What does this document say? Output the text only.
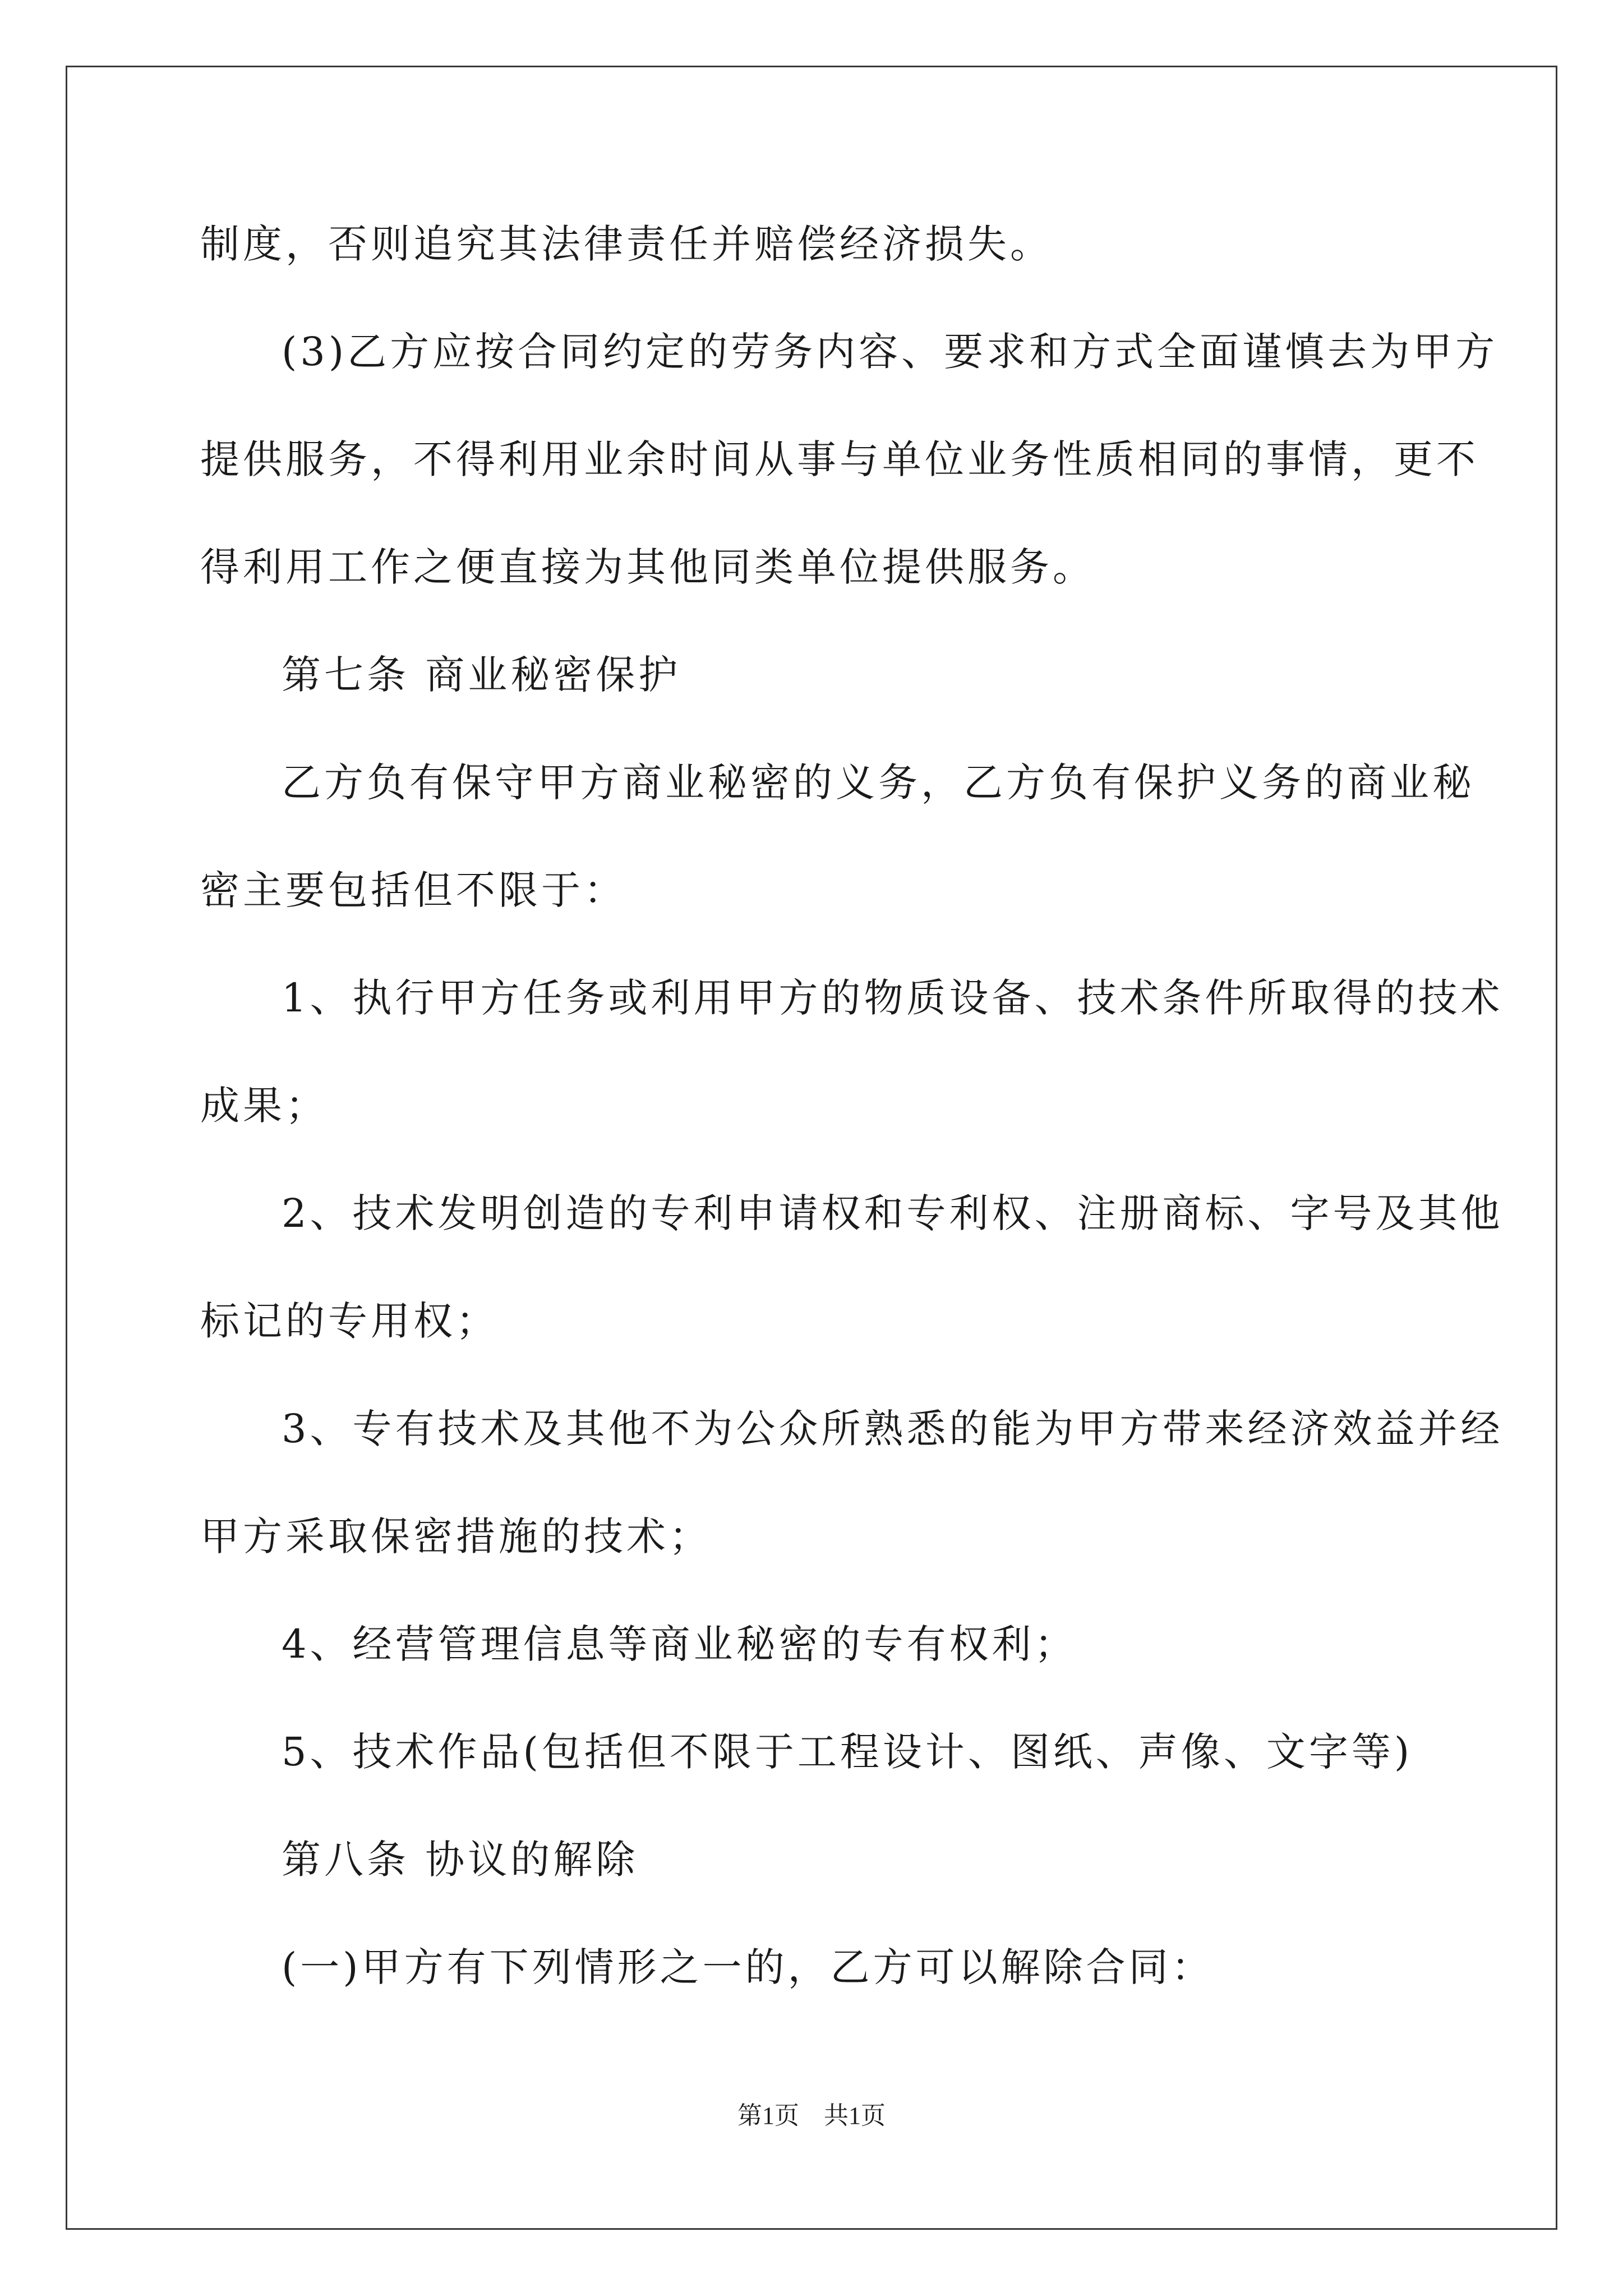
制度，否则追究其法律责任并赔偿经济损失。
(3)乙方应按合同约定的劳务内容、要求和方式全面谨慎去为甲方
提供服务，不得利用业余时间从事与单位业务性质相同的事情，更不
得利用工作之便直接为其他同类单位提供服务。
第七条 商业秘密保护
乙方负有保守甲方商业秘密的义务，乙方负有保护义务的商业秘
密主要包括但不限于：
1、执行甲方任务或利用甲方的物质设备、技术条件所取得的技术
成果；
2、技术发明创造的专利申请权和专利权、注册商标、字号及其他
标记的专用权；
3、专有技术及其他不为公众所熟悉的能为甲方带来经济效益并经
甲方采取保密措施的技术；
4、经营管理信息等商业秘密的专有权利；
5、技术作品(包括但不限于工程设计、图纸、声像、文字等)
第八条 协议的解除
(一)甲方有下列情形之一的，乙方可以解除合同：
第1页 共1页
